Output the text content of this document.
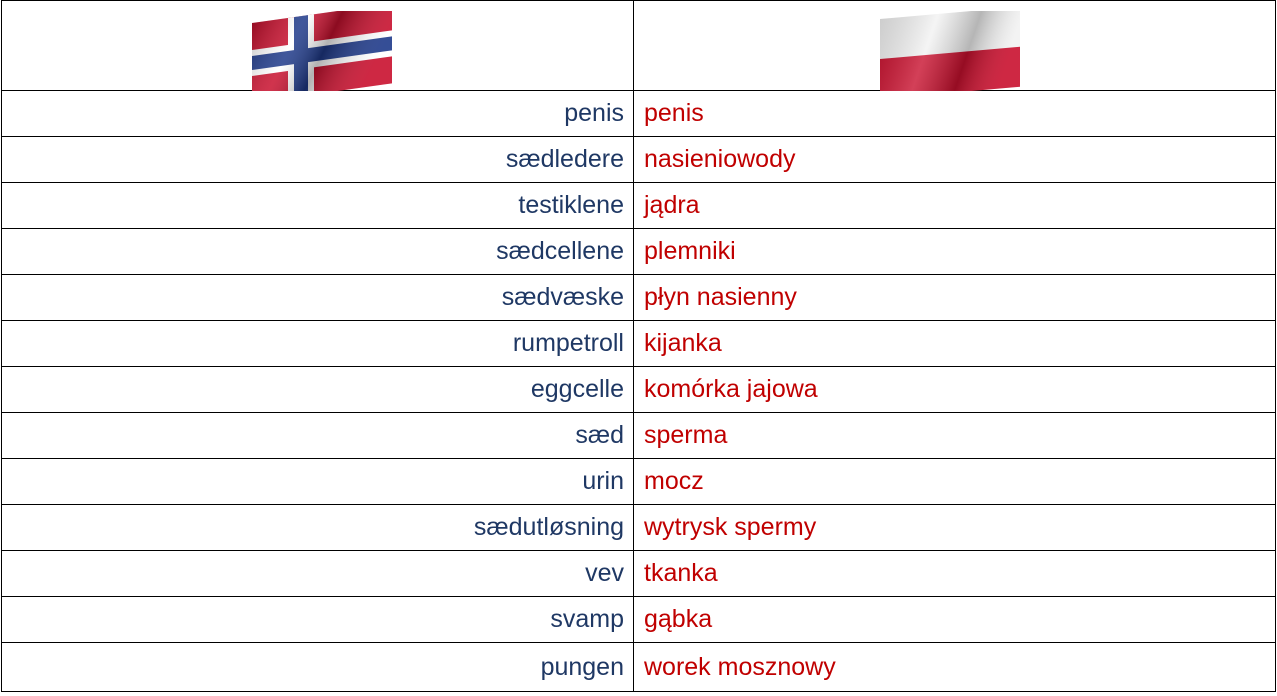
penis	penis
sædledere	nasieniowody
testiklene	jądra
sædcellene	plemniki
sædvæske	płyn nasienny
rumpetroll	kijanka
eggcelle	komórka jajowa
sæd	sperma
urin	mocz
sædutløsning	wytrysk spermy
vev	tkanka
svamp	gąbka
pungen	worek mosznowy
